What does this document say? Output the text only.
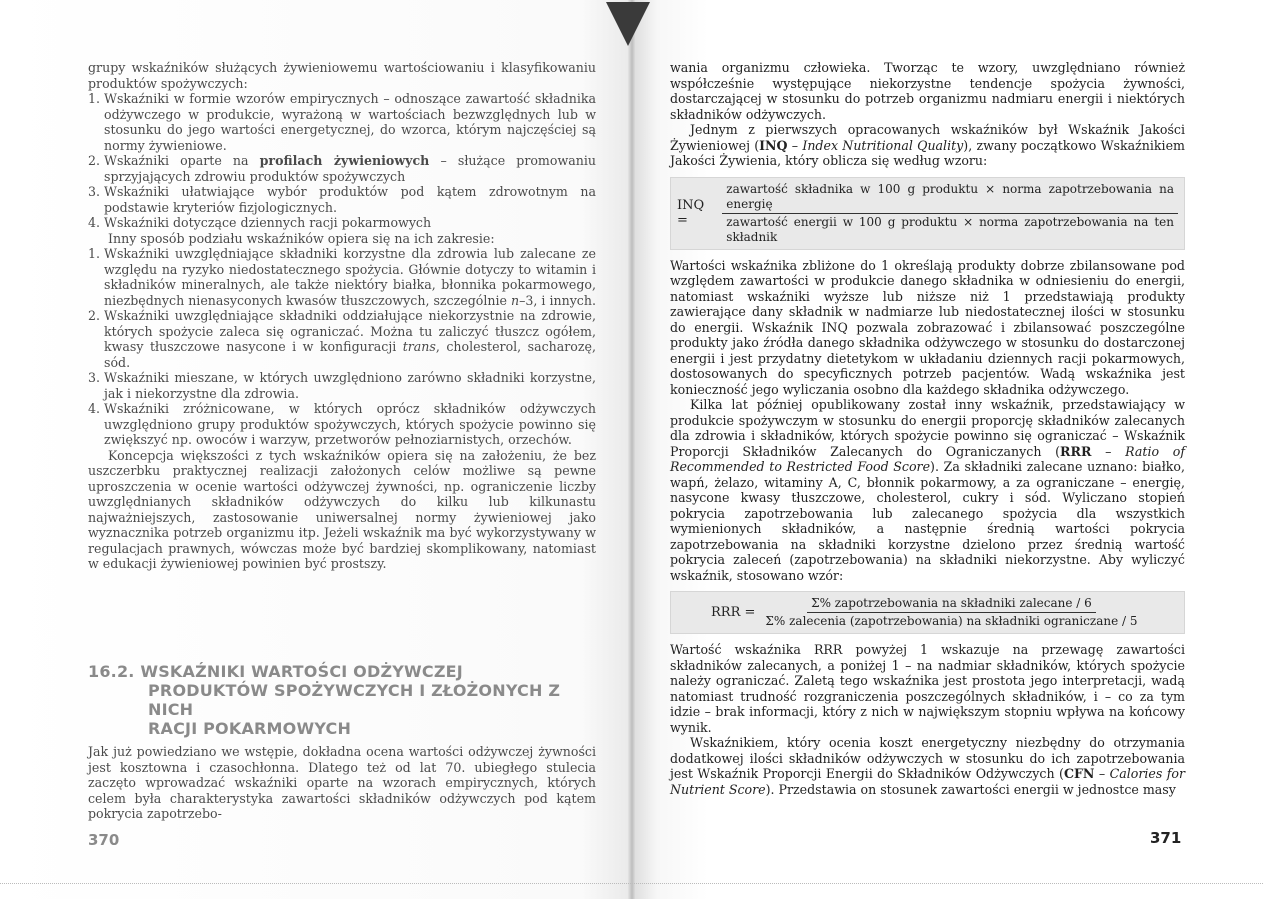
grupy wskaźników służących żywieniowemu wartościowaniu i klasyfikowaniu produktów spożywczych:

1. Wskaźniki w formie wzorów empirycznych – odnoszące zawartość składnika odżywczego w produkcie, wyrażoną w wartościach bezwzględnych lub w stosunku do jego wartości energetycznej, do wzorca, którym najczęściej są normy żywieniowe.
2. Wskaźniki oparte na profilach żywieniowych – służące promowaniu sprzyjających zdrowiu produktów spożywczych
3. Wskaźniki ułatwiające wybór produktów pod kątem zdrowotnym na podstawie kryteriów fizjologicznych.
4. Wskaźniki dotyczące dziennych racji pokarmowych

Inny sposób podziału wskaźników opiera się na ich zakresie:

1. Wskaźniki uwzględniające składniki korzystne dla zdrowia lub zalecane ze względu na ryzyko niedostatecznego spożycia. Głównie dotyczy to witamin i składników mineralnych, ale także niektóry białka, błonnika pokarmowego, niezbędnych nienasyconych kwasów tłuszczowych, szczególnie n–3, i innych.
2. Wskaźniki uwzględniające składniki oddziałujące niekorzystnie na zdrowie, których spożycie zaleca się ograniczać. Można tu zaliczyć tłuszcz ogółem, kwasy tłuszczowe nasycone i w konfiguracji trans, cholesterol, sacharozę, sód.
3. Wskaźniki mieszane, w których uwzględniono zarówno składniki korzystne, jak i niekorzystne dla zdrowia.
4. Wskaźniki zróżnicowane, w których oprócz składników odżywczych uwzględniono grupy produktów spożywczych, których spożycie powinno się zwiększyć np. owoców i warzyw, przetworów pełnoziarnistych, orzechów.

Koncepcja większości z tych wskaźników opiera się na założeniu, że bez uszczerbku praktycznej realizacji założonych celów możliwe są pewne uproszczenia w ocenie wartości odżywczej żywności, np. ograniczenie liczby uwzględnianych składników odżywczych do kilku lub kilkunastu najważniejszych, zastosowanie uniwersalnej normy żywieniowej jako wyznacznika potrzeb organizmu itp. Jeżeli wskaźnik ma być wykorzystywany w regulacjach prawnych, wówczas może być bardziej skomplikowany, natomiast w edukacji żywieniowej powinien być prostszy.

16.2. WSKAŹNIKI WARTOŚCI ODŻYWCZEJ
PRODUKTÓW SPOŻYWCZYCH I ZŁOŻONYCH Z NICH
RACJI POKARMOWYCH

Jak już powiedziano we wstępie, dokładna ocena wartości odżywczej żywności jest kosztowna i czasochłonna. Dlatego też od lat 70. ubiegłego stulecia zaczęto wprowadzać wskaźniki oparte na wzorach empirycznych, których celem była charakterystyka zawartości składników odżywczych pod kątem pokrycia zapotrzebo-

370

wania organizmu człowieka. Tworząc te wzory, uwzględniano również współcześnie występujące niekorzystne tendencje spożycia żywności, dostarczającej w stosunku do potrzeb organizmu nadmiaru energii i niektórych składników odżywczych.

Jednym z pierwszych opracowanych wskaźników był Wskaźnik Jakości Żywieniowej (INQ – Index Nutritional Quality), zwany początkowo Wskaźnikiem Jakości Żywienia, który oblicza się według wzoru:

INQ =
zawartość składnika w 100 g produktu × norma zapotrzebowania na energię
zawartość energii w 100 g produktu × norma zapotrzebowania na ten składnik

Wartości wskaźnika zbliżone do 1 określają produkty dobrze zbilansowane pod względem zawartości w produkcie danego składnika w odniesieniu do energii, natomiast wskaźniki wyższe lub niższe niż 1 przedstawiają produkty zawierające dany składnik w nadmiarze lub niedostatecznej ilości w stosunku do energii. Wskaźnik INQ pozwala zobrazować i zbilansować poszczególne produkty jako źródła danego składnika odżywczego w stosunku do dostarczonej energii i jest przydatny dietetykom w układaniu dziennych racji pokarmowych, dostosowanych do specyficznych potrzeb pacjentów. Wadą wskaźnika jest konieczność jego wyliczania osobno dla każdego składnika odżywczego.

Kilka lat później opublikowany został inny wskaźnik, przedstawiający w produkcie spożywczym w stosunku do energii proporcję składników zalecanych dla zdrowia i składników, których spożycie powinno się ograniczać – Wskaźnik Proporcji Składników Zalecanych do Ograniczanych (RRR – Ratio of Recommended to Restricted Food Score). Za składniki zalecane uznano: białko, wapń, żelazo, witaminy A, C, błonnik pokarmowy, a za ograniczane – energię, nasycone kwasy tłuszczowe, cholesterol, cukry i sód. Wyliczano stopień pokrycia zapotrzebowania lub zalecanego spożycia dla wszystkich wymienionych składników, a następnie średnią wartości pokrycia zapotrzebowania na składniki korzystne dzielono przez średnią wartość pokrycia zaleceń (zapotrzebowania) na składniki niekorzystne. Aby wyliczyć wskaźnik, stosowano wzór:

RRR = $\frac{\text{Σ\% zapotrzebowania na składniki zalecane / 6}}{\text{Σ\% zalecenia (zapotrzebowania) na składniki ograniczane / 5}}$

Wartość wskaźnika RRR powyżej 1 wskazuje na przewagę zawartości składników zalecanych, a poniżej 1 – na nadmiar składników, których spożycie należy ograniczać. Zaletą tego wskaźnika jest prostota jego interpretacji, wadą natomiast trudność rozgraniczenia poszczególnych składników, i – co za tym idzie – brak informacji, który z nich w największym stopniu wpływa na końcowy wynik.

Wskaźnikiem, który ocenia koszt energetyczny niezbędny do otrzymania dodatkowej ilości składników odżywczych w stosunku do ich zapotrzebowania jest Wskaźnik Proporcji Energii do Składników Odżywczych (CFN – Calories for Nutrient Score). Przedstawia on stosunek zawartości energii w jednostce masy

371
